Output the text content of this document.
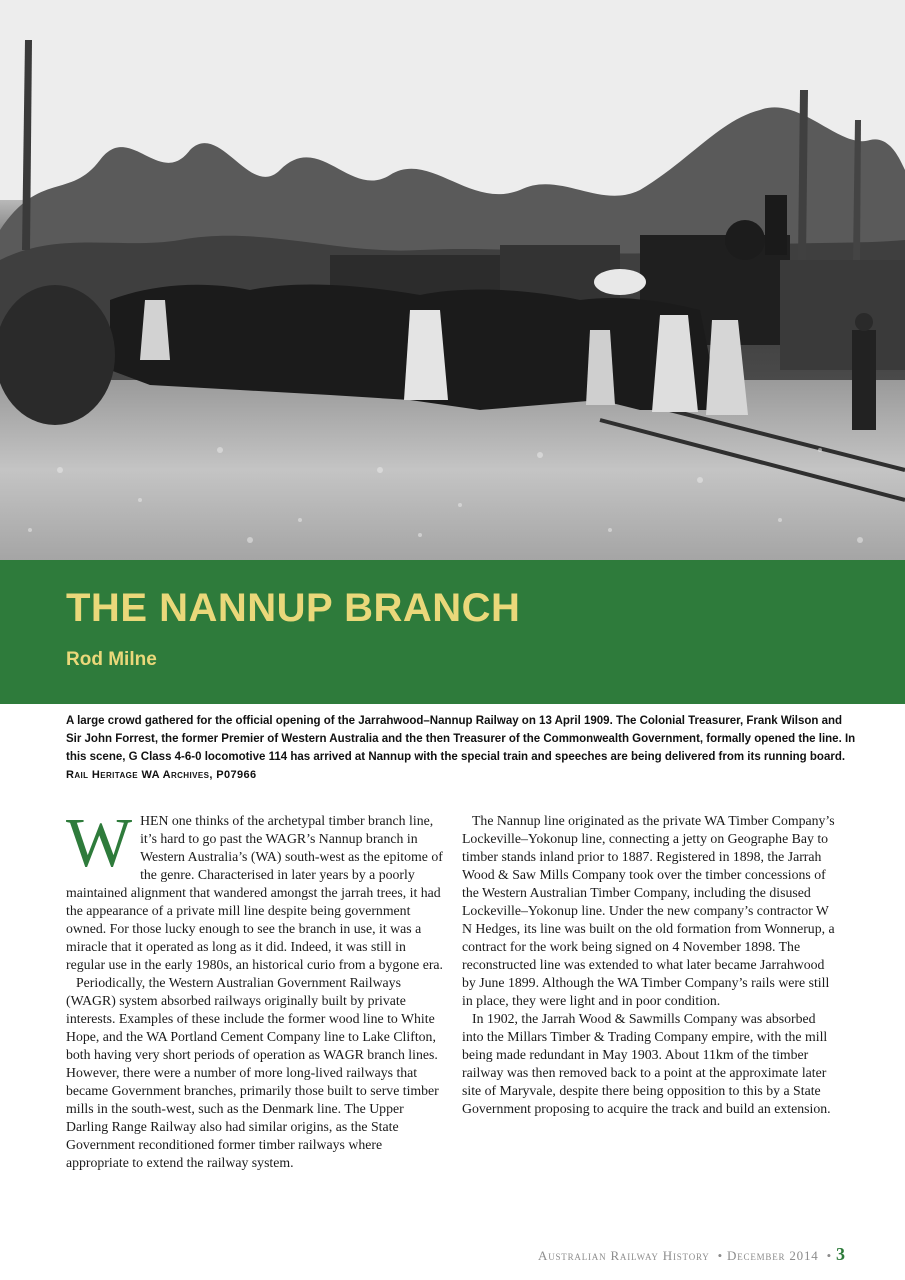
THE NANNUP BRANCH
Rod Milne

A large crowd gathered for the official opening of the Jarrahwood–Nannup Railway on 13 April 1909. The Colonial Treasurer, Frank Wilson and Sir John Forrest, the former Premier of Western Australia and the then Treasurer of the Commonwealth Government, formally opened the line. In this scene, G Class 4-6-0 locomotive 114 has arrived at Nannup with the special train and speeches are being delivered from its running board. Rail Heritage WA Archives, P07966

WHEN one thinks of the archetypal timber branch line, it’s hard to go past the WAGR’s Nannup branch in Western Australia’s (WA) south-west as the epitome of the genre. Characterised in later years by a poorly maintained alignment that wandered amongst the jarrah trees, it had the appearance of a private mill line despite being government owned. For those lucky enough to see the branch in use, it was a miracle that it operated as long as it did. Indeed, it was still in regular use in the early 1980s, an historical curio from a bygone era.

Periodically, the Western Australian Government Railways (WAGR) system absorbed railways originally built by private interests. Examples of these include the former wood line to White Hope, and the WA Portland Cement Company line to Lake Clifton, both having very short periods of operation as WAGR branch lines. However, there were a number of more long-lived railways that became Government branches, primarily those built to serve timber mills in the south-west, such as the Denmark line. The Upper Darling Range Railway also had similar origins, as the State Government reconditioned former timber railways where appropriate to extend the railway system.

The Nannup line originated as the private WA Timber Company’s Lockeville–Yokonup line, connecting a jetty on Geographe Bay to timber stands inland prior to 1887. Registered in 1898, the Jarrah Wood & Saw Mills Company took over the timber concessions of the Western Australian Timber Company, including the disused Lockeville–Yokonup line. Under the new company’s contractor W N Hedges, its line was built on the old formation from Wonnerup, a contract for the work being signed on 4 November 1898. The reconstructed line was extended to what later became Jarrahwood by June 1899. Although the WA Timber Company’s rails were still in place, they were light and in poor condition.

In 1902, the Jarrah Wood & Sawmills Company was absorbed into the Millars Timber & Trading Company empire, with the mill being made redundant in May 1903. About 11km of the timber railway was then removed back to a point at the approximate later site of Maryvale, despite there being opposition to this by a State Government proposing to acquire the track and build an extension.

Australian Railway History • December 2014 • 3
